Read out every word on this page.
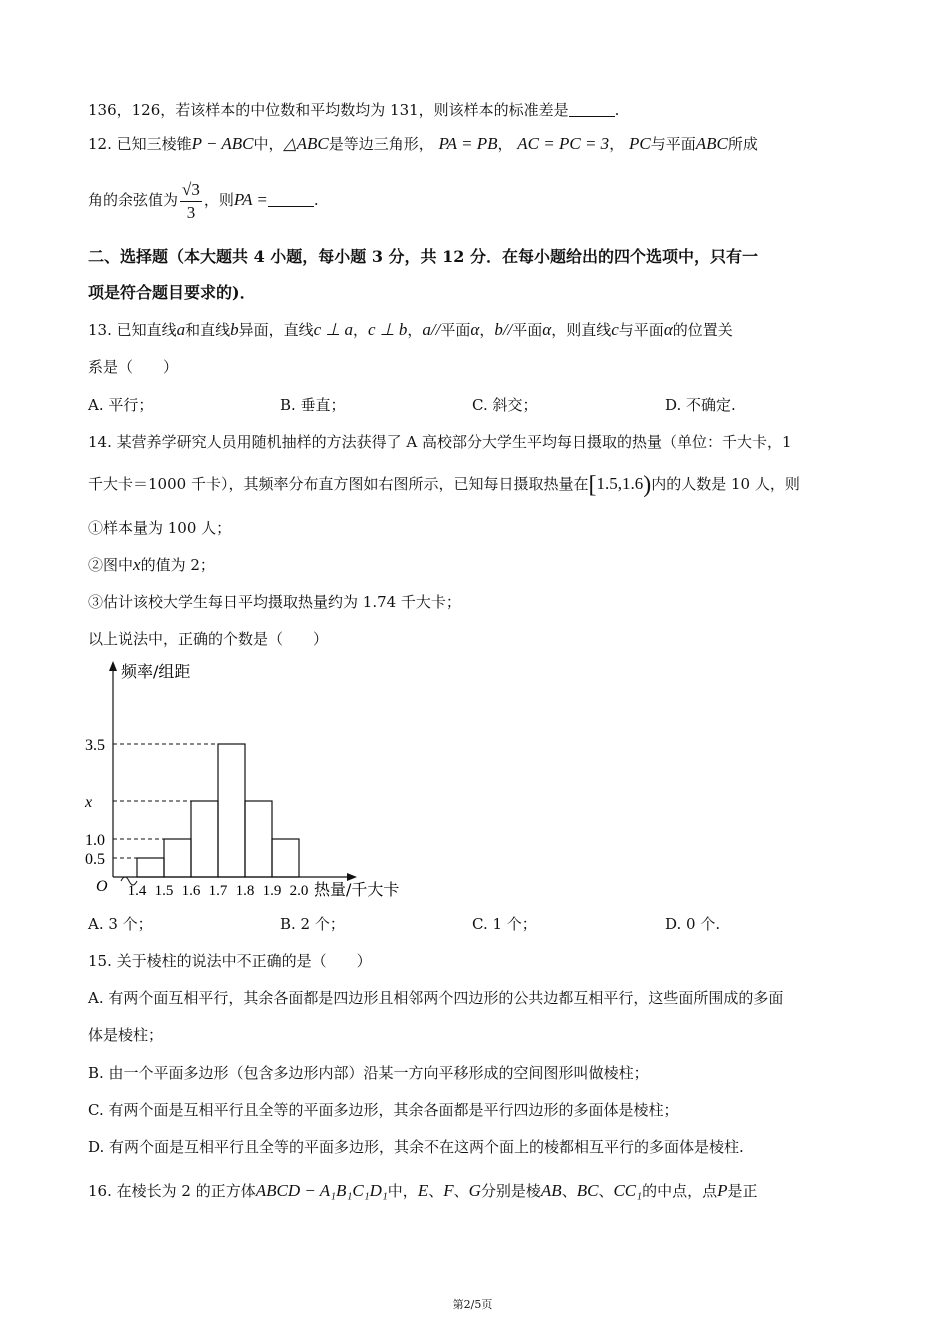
136，126，若该样本的中位数和平均数均为 131，则该样本的标准差是	.
12. 已知三棱锥P − ABC中，△ABC是等边三角形， PA = PB， AC = PC = 3， PC与平面ABC所成
角的余弦值为 $\frac{√3}{3}$ ，则PA =	.
二、选择题（本大题共 4 小题，每小题 3 分，共 12 分．在每小题给出的四个选项中，只有一
项是符合题目要求的)．
13. 已知直线a和直线b异面，直线c ⊥ a，c ⊥ b，a//平面α，b//平面α，则直线c与平面α的位置关
系是（　　）
A. 平行；	B. 垂直；	C. 斜交；	D. 不确定.
14. 某营养学研究人员用随机抽样的方法获得了 A 高校部分大学生平均每日摄取的热量（单位：千大卡，1
千大卡＝1000 千卡），其频率分布直方图如右图所示，已知每日摄取热量在[1.5,1.6)内的人数是 10 人，则
①样本量为 100 人；
②图中x的值为 2；
③估计该校大学生每日平均摄取热量约为 1.74 千大卡；
以上说法中，正确的个数是（　　）
频率/组距
热量/千大卡
O
0.5
1.0
x
3.5
1.4 1.5 1.6 1.7 1.8 1.9 2.0
A. 3 个；	B. 2 个；	C. 1 个；	D. 0 个.
15. 关于棱柱的说法中不正确的是（　　）
A. 有两个面互相平行，其余各面都是四边形且相邻两个四边形的公共边都互相平行，这些面所围成的多面
体是棱柱；
B. 由一个平面多边形（包含多边形内部）沿某一方向平移形成的空间图形叫做棱柱；
C. 有两个面是互相平行且全等的平面多边形，其余各面都是平行四边形的多面体是棱柱；
D. 有两个面是互相平行且全等的平面多边形，其余不在这两个面上的棱都相互平行的多面体是棱柱.
16. 在棱长为 2 的正方体ABCD − A₁B₁C₁D₁中，E、F、G分别是棱AB、BC、CC₁的中点，点P是正
第2/5页
